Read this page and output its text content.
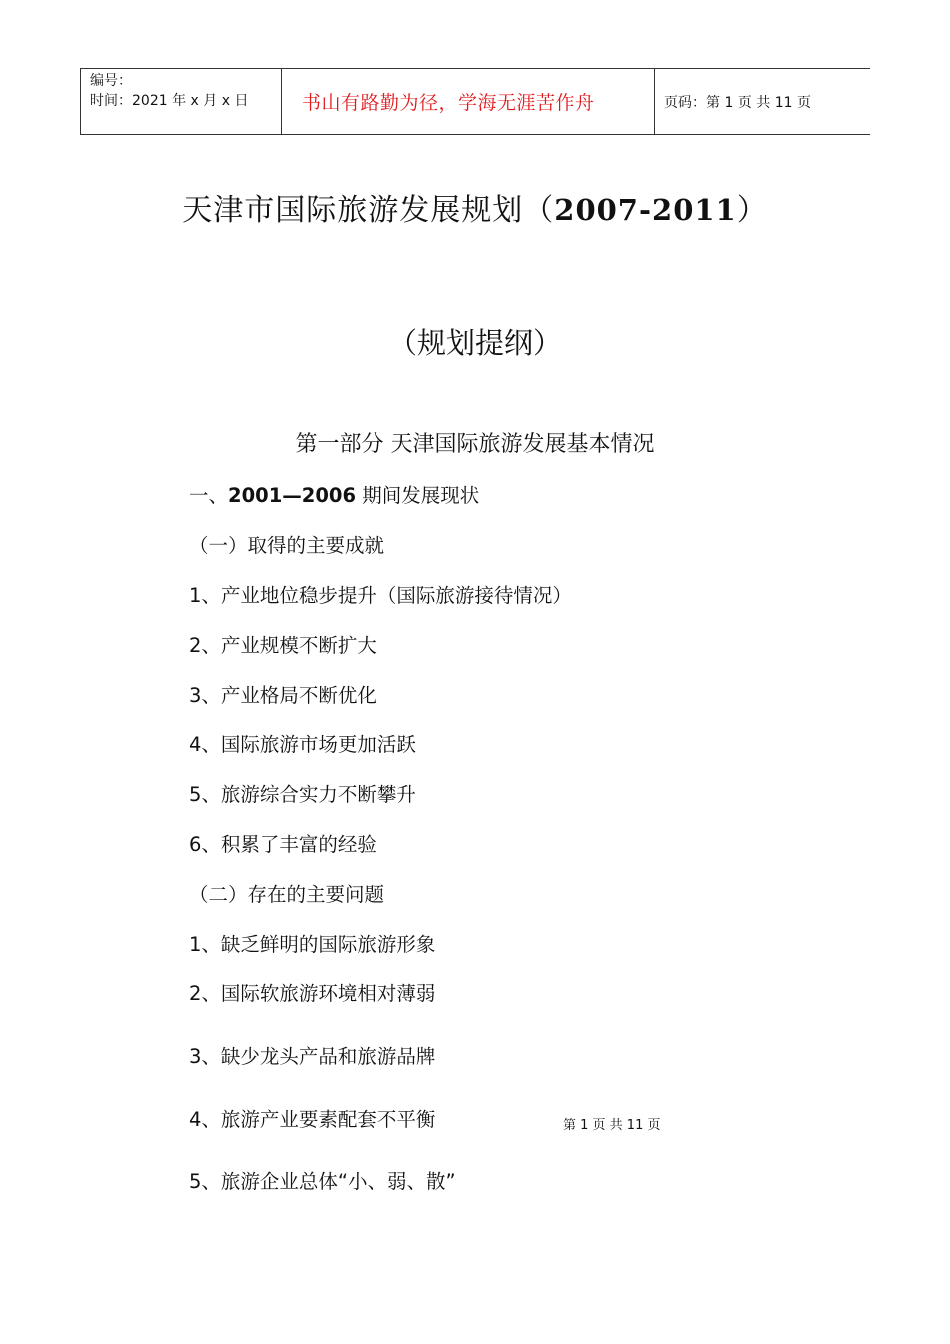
编号：
时间：2021 年 x 月 x 日	书山有路勤为径，学海无涯苦作舟	页码：第 1 页 共 11 页
天津市国际旅游发展规划（2007-2011）
（规划提纲）
第一部分 天津国际旅游发展基本情况
一、2001—2006 期间发展现状
（一）取得的主要成就
1、产业地位稳步提升（国际旅游接待情况）
2、产业规模不断扩大
3、产业格局不断优化
4、国际旅游市场更加活跃
5、旅游综合实力不断攀升
6、积累了丰富的经验
（二）存在的主要问题
1、缺乏鲜明的国际旅游形象
2、国际软旅游环境相对薄弱
3、缺少龙头产品和旅游品牌
4、旅游产业要素配套不平衡
5、旅游企业总体“小、弱、散”
第 1 页 共 11 页
